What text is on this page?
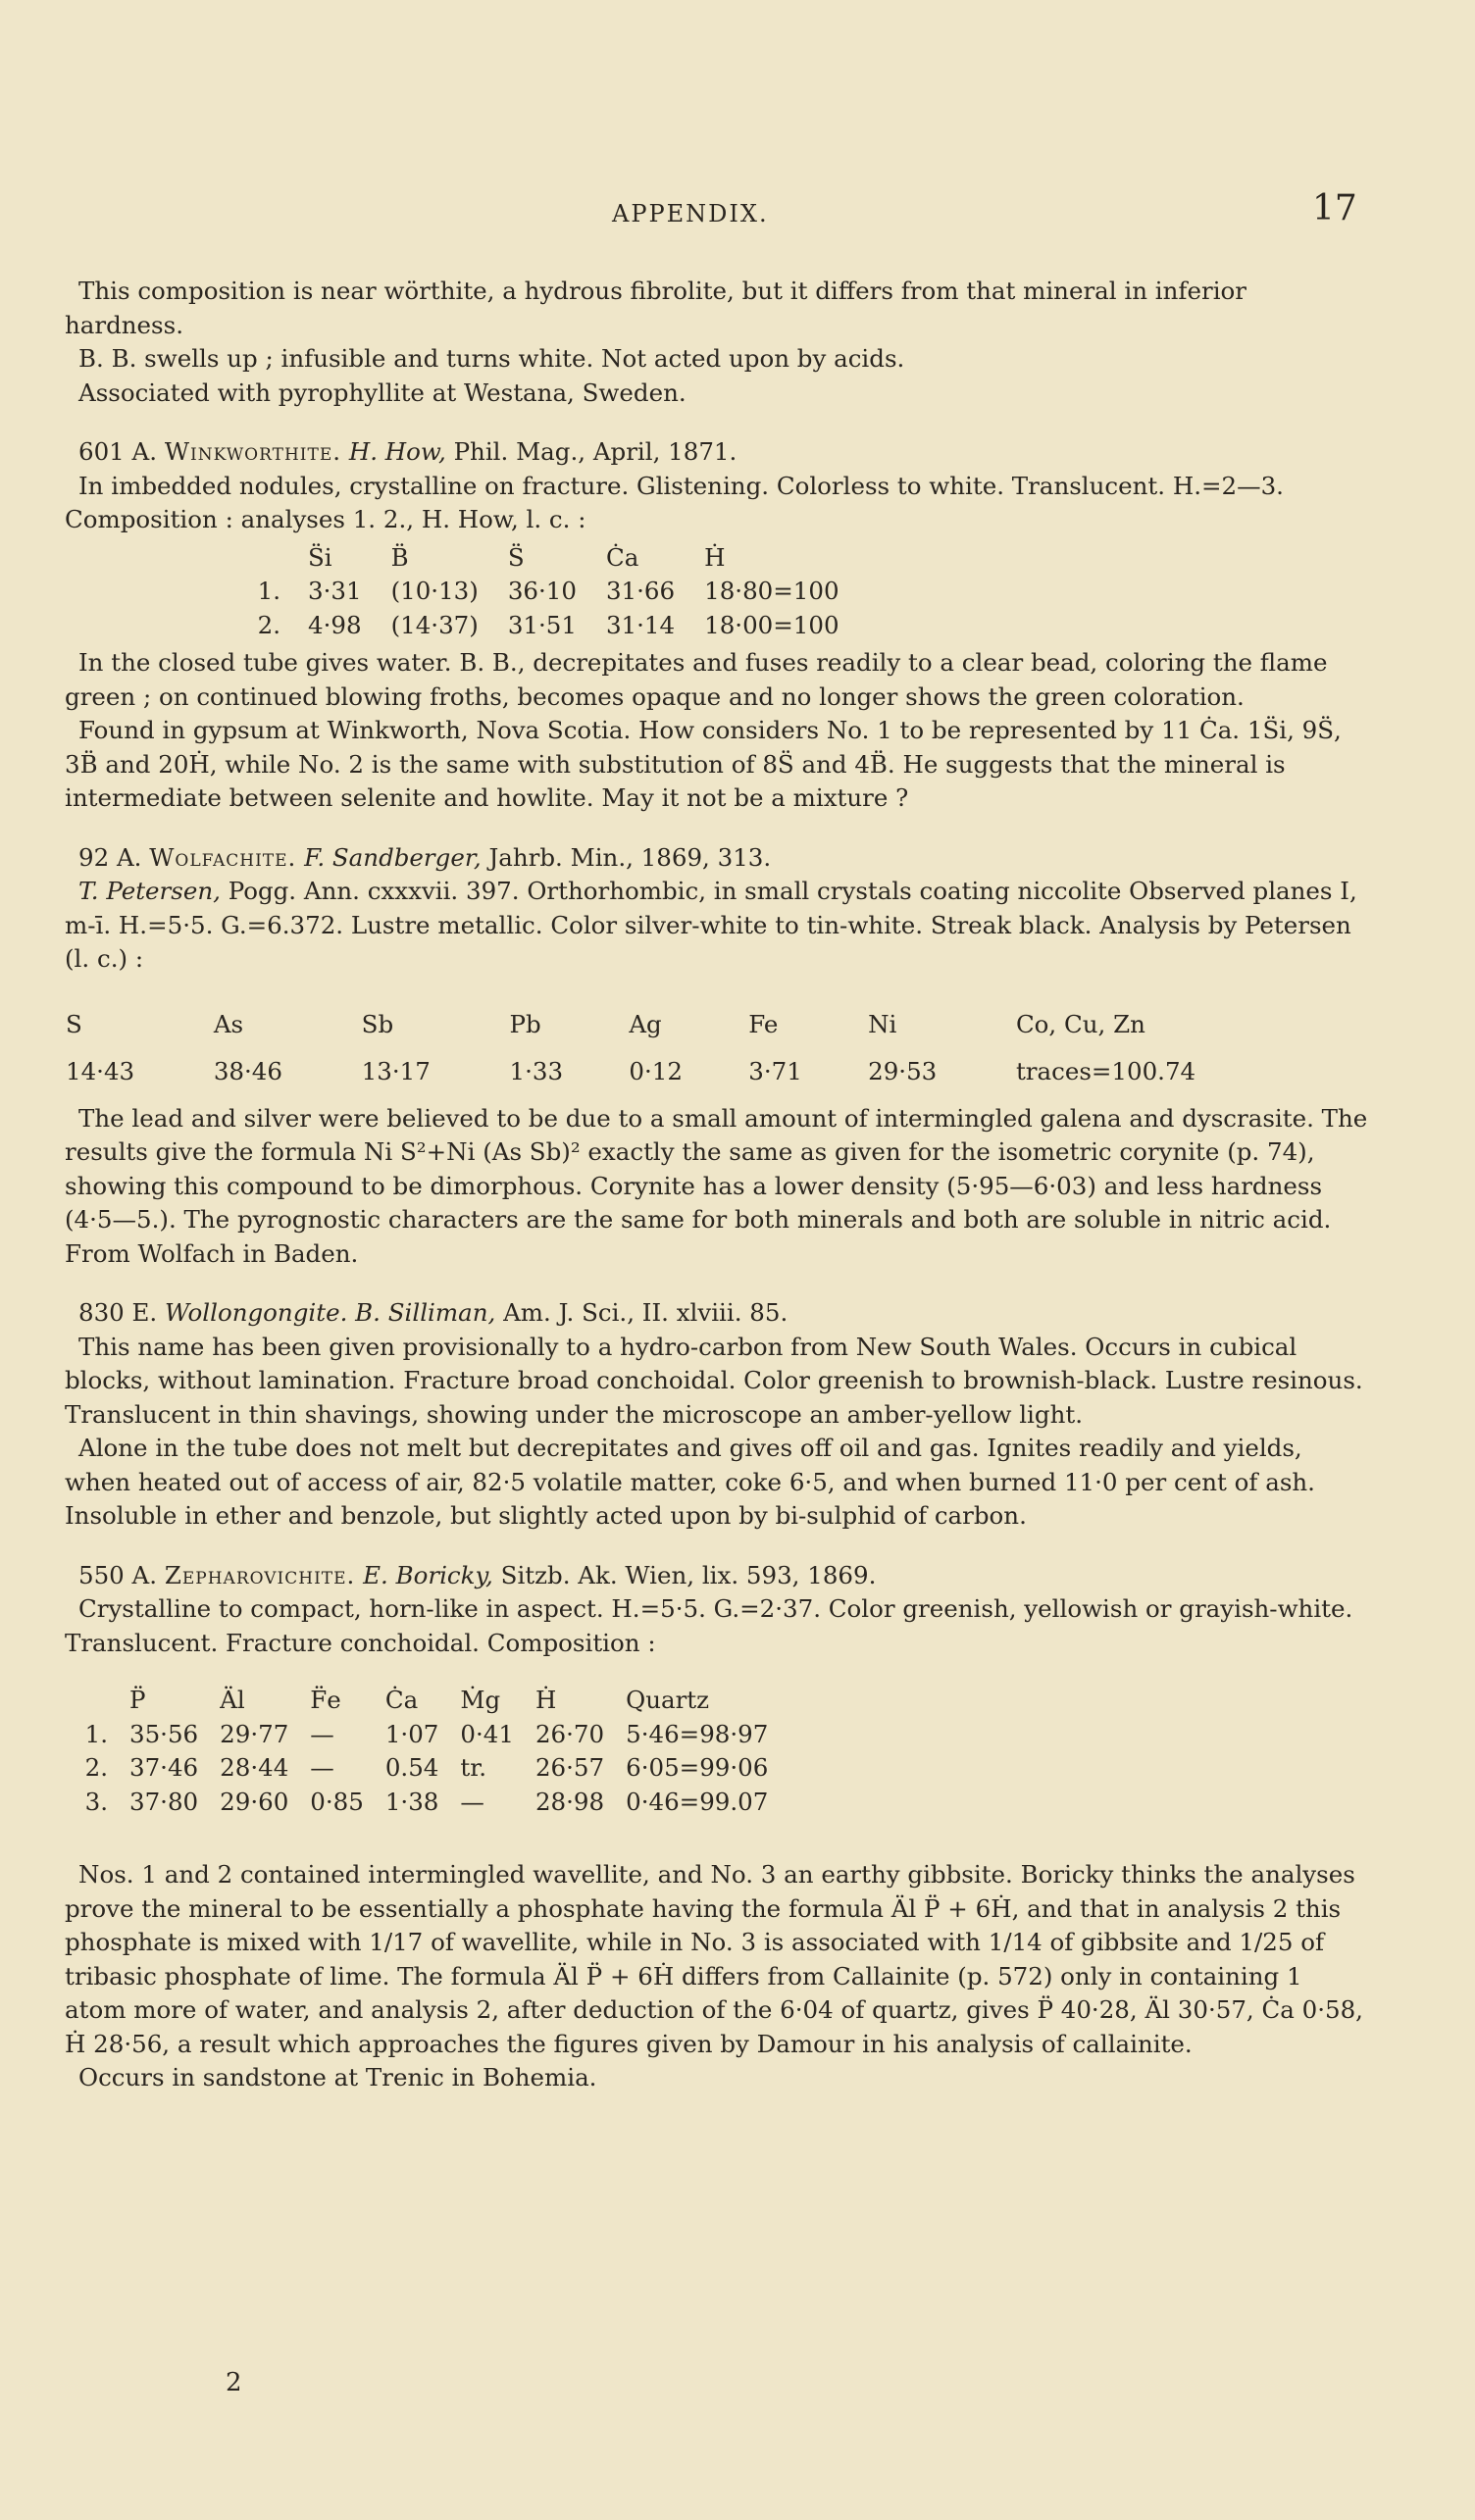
APPENDIX.	17

This composition is near wörthite, a hydrous fibrolite, but it differs from that mineral in inferior hardness.

B. B. swells up ; infusible and turns white. Not acted upon by acids.

Associated with pyrophyllite at Westana, Sweden.

601 A. Winkworthite. H. How, Phil. Mag., April, 1871.

In imbedded nodules, crystalline on fracture. Glistening. Colorless to white. Translucent. H.=2—3. Composition : analyses 1. 2., H. How, l. c. :

	S̈i	B̈	S̈	Ċa	Ḣ
1.	3·31	(10·13)	36·10	31·66	18·80=100
2.	4·98	(14·37)	31·51	31·14	18·00=100

In the closed tube gives water. B. B., decrepitates and fuses readily to a clear bead, coloring the flame green ; on continued blowing froths, becomes opaque and no longer shows the green coloration.

Found in gypsum at Winkworth, Nova Scotia. How considers No. 1 to be represented by 11 Ċa. 1S̈i, 9S̈, 3B̈ and 20Ḣ, while No. 2 is the same with substitution of 8S̈ and 4B̈. He suggests that the mineral is intermediate between selenite and howlite. May it not be a mixture ?

92 A. Wolfachite. F. Sandberger, Jahrb. Min., 1869, 313.

T. Petersen, Pogg. Ann. cxxxvii. 397. Orthorhombic, in small crystals coating niccolite Observed planes I, m-ī. H.=5·5. G.=6.372. Lustre metallic. Color silver-white to tin-white. Streak black. Analysis by Petersen (l. c.) :

S	As	Sb	Pb	Ag	Fe	Ni	Co, Cu, Zn
14·43	38·46	13·17	1·33	0·12	3·71	29·53	traces=100.74

The lead and silver were believed to be due to a small amount of intermingled galena and dyscrasite. The results give the formula Ni S²+Ni (As Sb)² exactly the same as given for the isometric corynite (p. 74), showing this compound to be dimorphous. Corynite has a lower density (5·95—6·03) and less hardness (4·5—5.). The pyrognostic characters are the same for both minerals and both are soluble in nitric acid. From Wolfach in Baden.

830 E. Wollongongite. B. Silliman, Am. J. Sci., II. xlviii. 85.

This name has been given provisionally to a hydro-carbon from New South Wales. Occurs in cubical blocks, without lamination. Fracture broad conchoidal. Color greenish to brownish-black. Lustre resinous. Translucent in thin shavings, showing under the microscope an amber-yellow light.

Alone in the tube does not melt but decrepitates and gives off oil and gas. Ignites readily and yields, when heated out of access of air, 82·5 volatile matter, coke 6·5, and when burned 11·0 per cent of ash. Insoluble in ether and benzole, but slightly acted upon by bi-sulphid of carbon.

550 A. Zepharovichite. E. Boricky, Sitzb. Ak. Wien, lix. 593, 1869.

Crystalline to compact, horn-like in aspect. H.=5·5. G.=2·37. Color greenish, yellowish or grayish-white. Translucent. Fracture conchoidal. Composition :

	P̈	Äl	F̈e	Ċa	Ṁg	Ḣ	Quartz
1.	35·56	29·77	—	1·07	0·41	26·70	5·46=98·97
2.	37·46	28·44	—	0.54	tr.	26·57	6·05=99·06
3.	37·80	29·60	0·85	1·38	—	28·98	0·46=99.07

Nos. 1 and 2 contained intermingled wavellite, and No. 3 an earthy gibbsite. Boricky thinks the analyses prove the mineral to be essentially a phosphate having the formula Äl P̈ + 6Ḣ, and that in analysis 2 this phosphate is mixed with 1/17 of wavellite, while in No. 3 is associated with 1/14 of gibbsite and 1/25 of tribasic phosphate of lime. The formula Äl P̈ + 6Ḣ differs from Callainite (p. 572) only in containing 1 atom more of water, and analysis 2, after deduction of the 6·04 of quartz, gives P̈ 40·28, Äl 30·57, Ċa 0·58, Ḣ 28·56, a result which approaches the figures given by Damour in his analysis of callainite.

Occurs in sandstone at Trenic in Bohemia.

2
